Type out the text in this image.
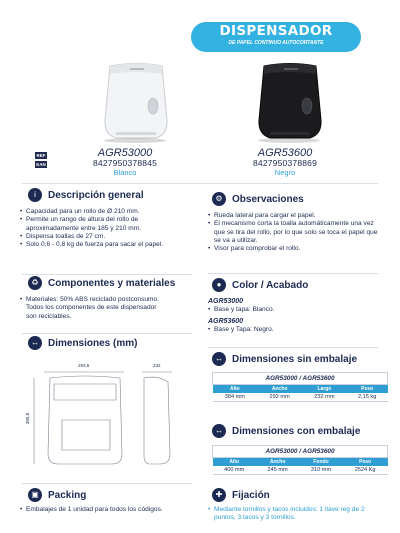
DISPENSADOR
DE PAPEL CONTINUO AUTOCORTANTE
REF
EAN
AGR53000
8427950378845
Blanco
AGR53600
8427950378869
Negro
i	Descripción general
• Capacidad para un rollo de Ø 210 mm.
• Permite un rango de altura del rollo de aproximadamente entre 185 y 210 mm.
• Dispensa toallas de 27 cm.
• Solo 0,6 - 0,8 kg de fuerza para sacar el papel.
♻ Componentes y materiales
• Materiales: 50% ABS reciclado postconsumo. Todos los componentes de este dispensador son reciclables.
↔ Dimensiones (mm)
293,5	232
385,8
▣ Packing
• Embalajes de 1 unidad para todos los códigos.
⚙ Observaciones
• Rueda lateral para cargar el papel.
• El mecanismo corta la toalla automáticamente una vez que se tira del rollo, por lo que solo se toca el papel que se va a utilizar.
• Visor para comprobar el rollo.
●	Color / Acabado
AGR53000
• Base y tapa: Blanco.
AGR53600
• Base y Tapa: Negro.
↔ Dimensiones sin embalaje
AGR53000 / AGR53600			
Alto	Ancho	Largo	Peso
384 mm	292 mm	232 mm	2,15 kg
↔ Dimensiones con embalaje
AGR53000 / AGR53600			
Alto	Ancho	Fondo	Peso
400 mm	245 mm	310 mm	2524 Kg
✚ Fijación
• Mediante tornillos y tacos incluidos: 1 llave reg de 2 puntos, 3 tacos y 3 tornillos.
